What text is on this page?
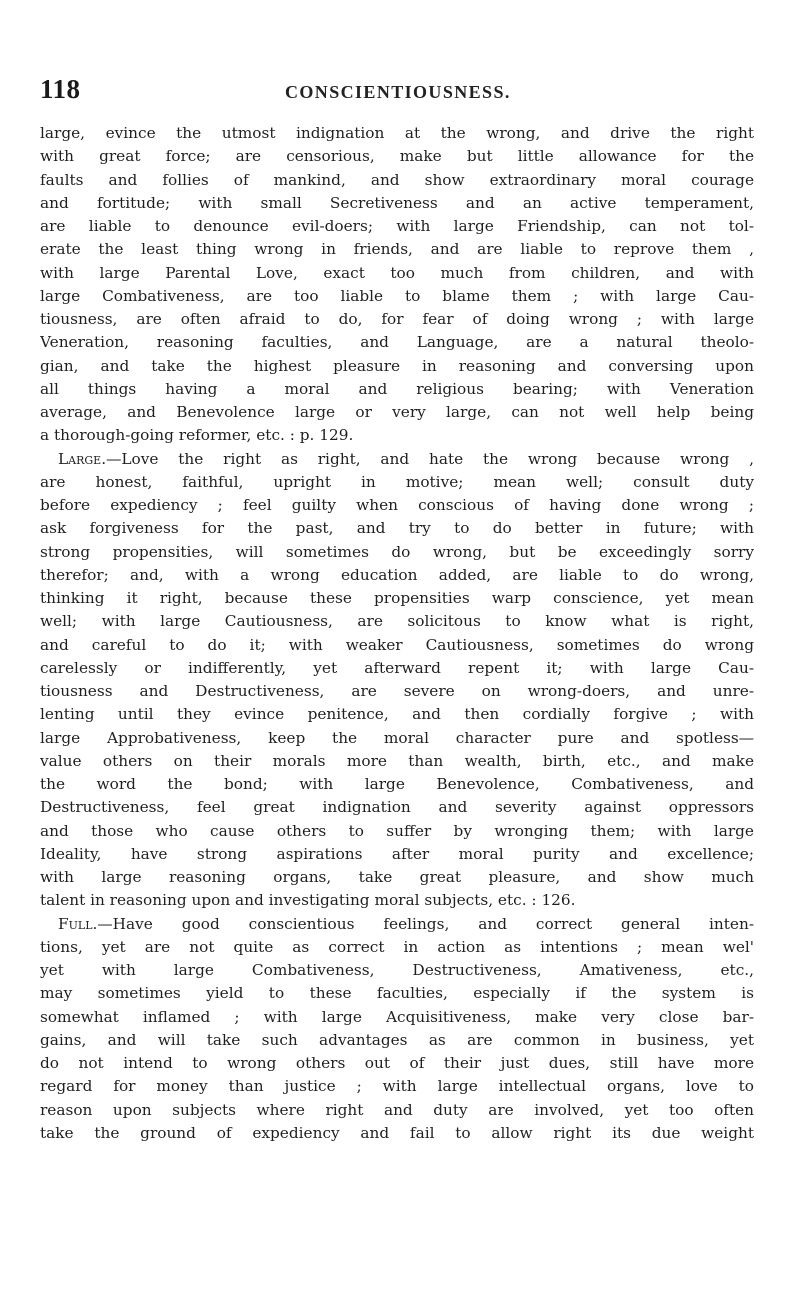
118	CONSCIENTIOUSNESS.
large, evince the utmost indignation at the wrong, and drive the right
with great force; are censorious, make but little allowance for the
faults and follies of mankind, and show extraordinary moral courage
and fortitude; with small Secretiveness and an active temperament,
are liable to denounce evil-doers; with large Friendship, can not tol-
erate the least thing wrong in friends, and are liable to reprove them ,
with large Parental Love, exact too much from children, and with
large Combativeness, are too liable to blame them ; with large Cau-
tiousness, are often afraid to do, for fear of doing wrong ; with large
Veneration, reasoning faculties, and Language, are a natural theolo-
gian, and take the highest pleasure in reasoning and conversing upon
all things having a moral and religious bearing; with Veneration
average, and Benevolence large or very large, can not well help being
a thorough-going reformer, etc. : p. 129.
Large.—Love the right as right, and hate the wrong because wrong ,
are honest, faithful, upright in motive; mean well; consult duty
before expediency ; feel guilty when conscious of having done wrong ;
ask forgiveness for the past, and try to do better in future; with
strong propensities, will sometimes do wrong, but be exceedingly sorry
therefor; and, with a wrong education added, are liable to do wrong,
thinking it right, because these propensities warp conscience, yet mean
well; with large Cautiousness, are solicitous to know what is right,
and careful to do it; with weaker Cautiousness, sometimes do wrong
carelessly or indifferently, yet afterward repent it; with large Cau-
tiousness and Destructiveness, are severe on wrong-doers, and unre-
lenting until they evince penitence, and then cordially forgive ; with
large Approbativeness, keep the moral character pure and spotless—
value others on their morals more than wealth, birth, etc., and make
the word the bond; with large Benevolence, Combativeness, and
Destructiveness, feel great indignation and severity against oppressors
and those who cause others to suffer by wronging them; with large
Ideality, have strong aspirations after moral purity and excellence;
with large reasoning organs, take great pleasure, and show much
talent in reasoning upon and investigating moral subjects, etc. : 126.
Full.—Have good conscientious feelings, and correct general inten-
tions, yet are not quite as correct in action as intentions ; mean wel'
yet with large Combativeness, Destructiveness, Amativeness, etc.,
may sometimes yield to these faculties, especially if the system is
somewhat inflamed ; with large Acquisitiveness, make very close bar-
gains, and will take such advantages as are common in business, yet
do not intend to wrong others out of their just dues, still have more
regard for money than justice ; with large intellectual organs, love to
reason upon subjects where right and duty are involved, yet too often
take the ground of expediency and fail to allow right its due weight
